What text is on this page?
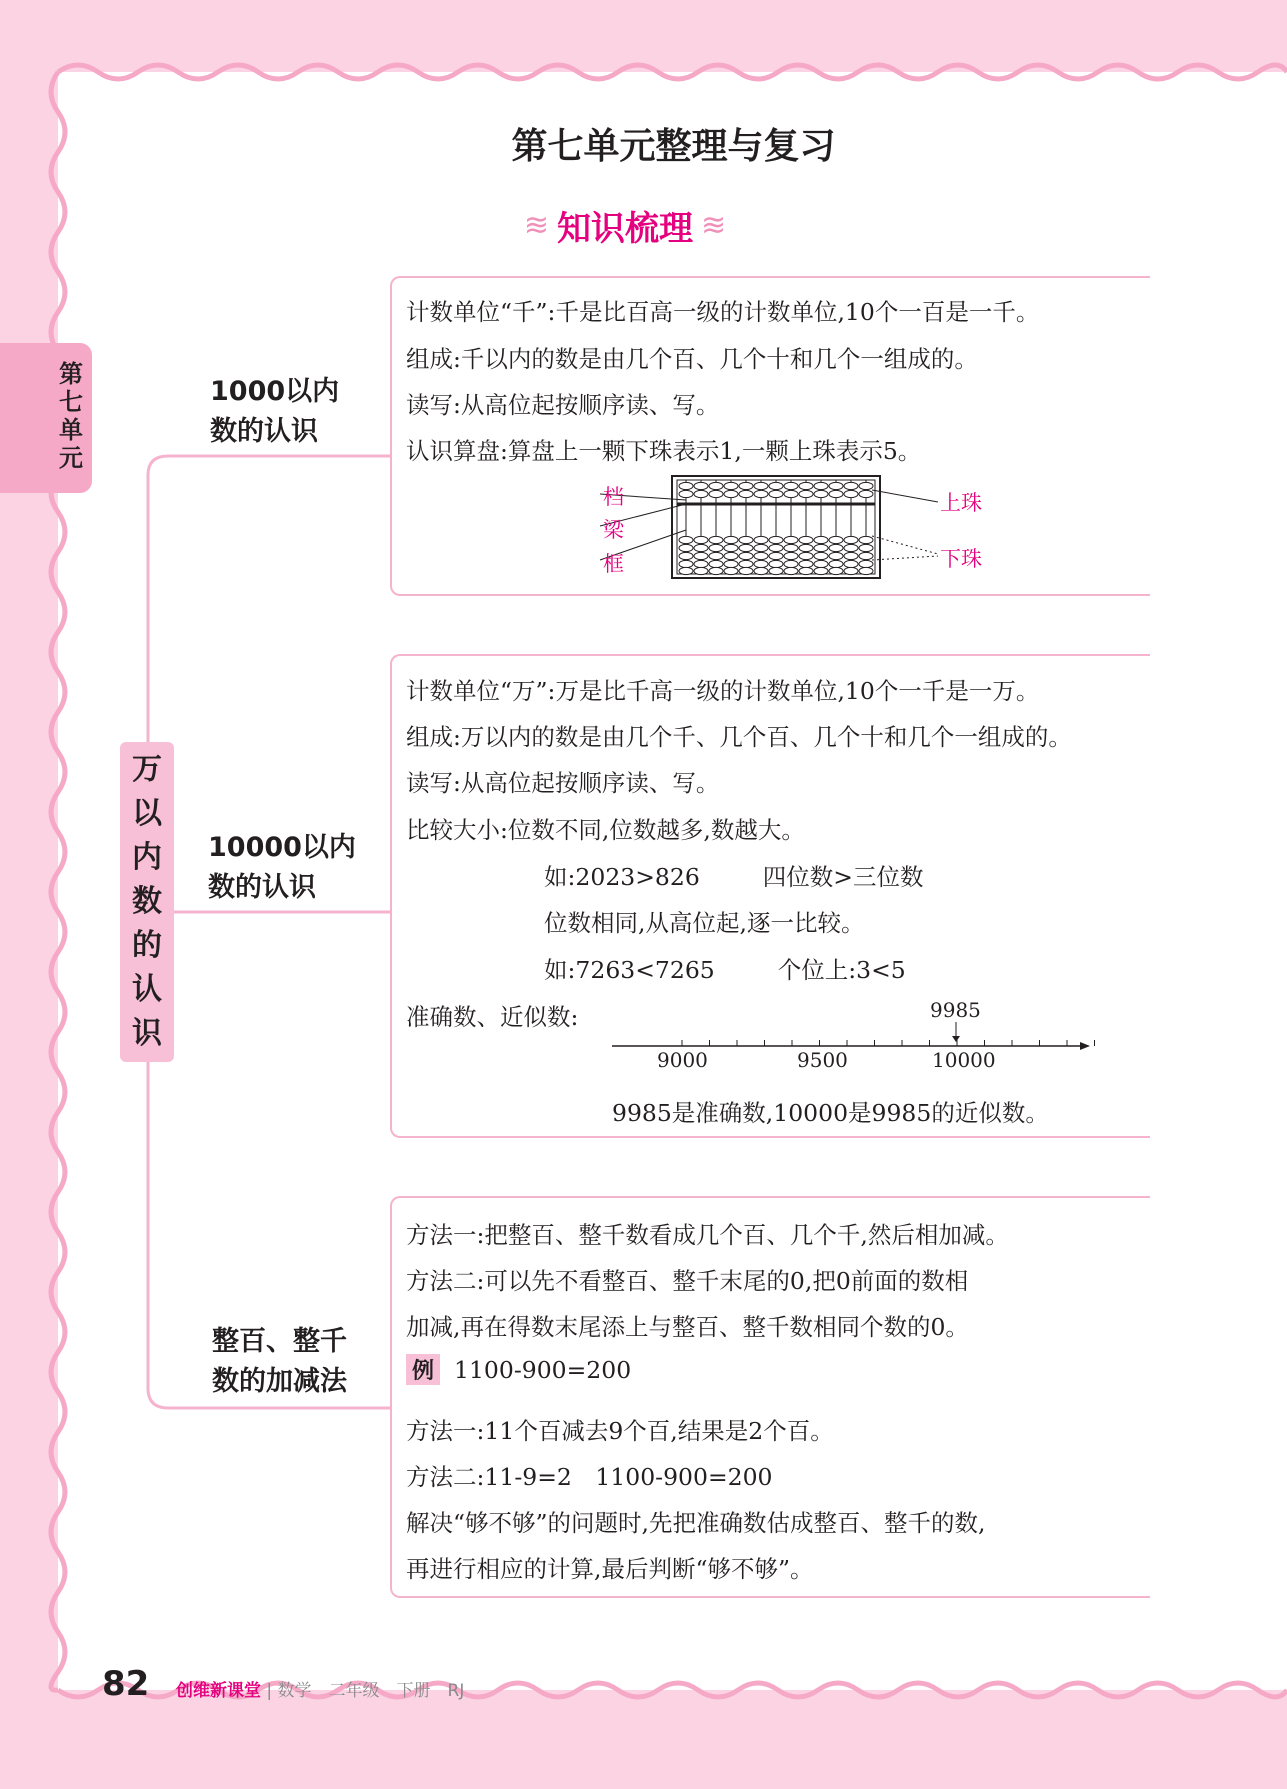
第七单元
第七单元整理与复习
≋ 知识梳理 ≋
万以内数的认识
1000以内
数的认识
10000以内
数的认识
整百、整千
数的加减法
计数单位“千”:千是比百高一级的计数单位,10个一百是一千。
组成:千以内的数是由几个百、几个十和几个一组成的。
读写:从高位起按顺序读、写。
认识算盘:算盘上一颗下珠表示1,一颗上珠表示5。
档
梁
框
上珠
下珠
计数单位“万”:万是比千高一级的计数单位,10个一千是一万。
组成:万以内的数是由几个千、几个百、几个十和几个一组成的。
读写:从高位起按顺序读、写。
比较大小:位数不同,位数越多,数越大。
如:2023>826	四位数>三位数
位数相同,从高位起,逐一比较。
如:7263<7265	个位上:3<5
准确数、近似数:	9985
9000	9500	10000
9985是准确数,10000是9985的近似数。
方法一:把整百、整千数看成几个百、几个千,然后相加减。
方法二:可以先不看整百、整千末尾的0,把0前面的数相
加减,再在得数末尾添上与整百、整千数相同个数的0。
例 1100-900=200
方法一:11个百减去9个百,结果是2个百。
方法二:11-9=2　1100-900=200
解决“够不够”的问题时,先把准确数估成整百、整千的数,
再进行相应的计算,最后判断“够不够”。
82 创维新课堂 | 数学　二年级　下册　RJ
